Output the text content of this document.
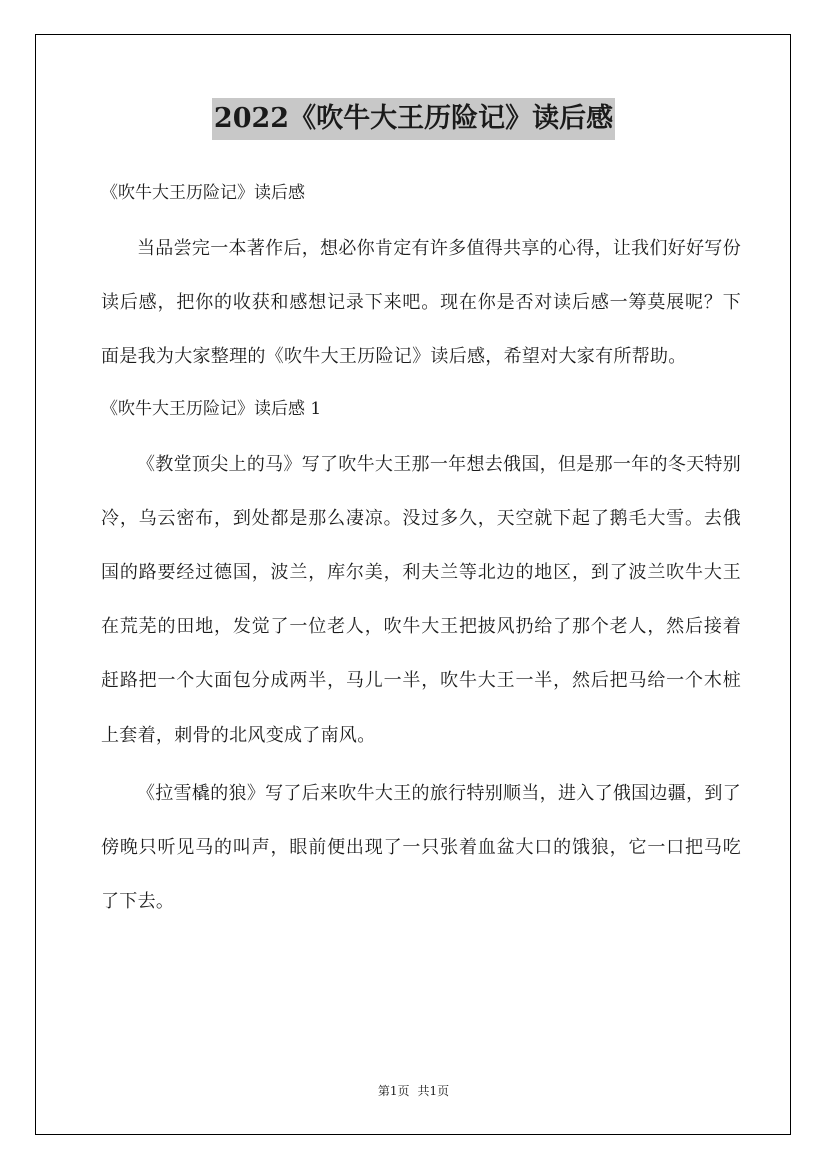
2022《吹牛大王历险记》读后感

《吹牛大王历险记》读后感

当品尝完一本著作后，想必你肯定有许多值得共享的心得，让我们好好写份读后感，把你的收获和感想记录下来吧。现在你是否对读后感一筹莫展呢？下面是我为大家整理的《吹牛大王历险记》读后感，希望对大家有所帮助。

《吹牛大王历险记》读后感 1

《教堂顶尖上的马》写了吹牛大王那一年想去俄国，但是那一年的冬天特别冷，乌云密布，到处都是那么凄凉。没过多久，天空就下起了鹅毛大雪。去俄国的路要经过德国，波兰，库尔美，利夫兰等北边的地区，到了波兰吹牛大王在荒芜的田地，发觉了一位老人，吹牛大王把披风扔给了那个老人，然后接着赶路把一个大面包分成两半，马儿一半，吹牛大王一半，然后把马给一个木桩上套着，刺骨的北风变成了南风。

《拉雪橇的狼》写了后来吹牛大王的旅行特别顺当，进入了俄国边疆，到了傍晚只听见马的叫声，眼前便出现了一只张着血盆大口的饿狼，它一口把马吃了下去。

第1页 共1页
